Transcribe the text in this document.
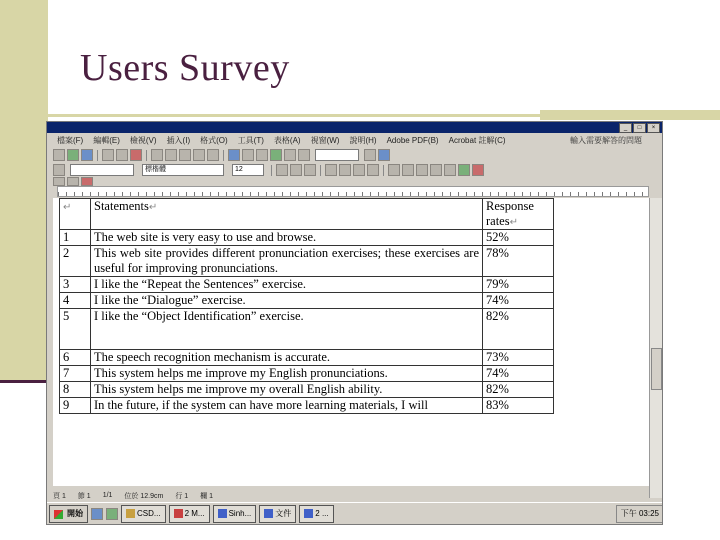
Users Survey
_	□	×
檔案(F) 編輯(E) 檢視(V) 插入(I) 格式(O) 工具(T) 表格(A) 視窗(W) 說明(H) Adobe PDF(B) Acrobat 註解(C)	輸入需要解答的問題
標楷體	12
↵	Statements↵	Response rates↵
1	The web site is very easy to use and browse.	52%
2	This web site provides different pronunciation exercises; these exercises are useful for improving pronunciations.	78%
3	I like the “Repeat the Sentences” exercise.	79%
4	I like the “Dialogue” exercise.	74%
5	I like the “Object Identification” exercise.	82%
6	The speech recognition mechanism is accurate.	73%
7	This system helps me improve my English pronunciations.	74%
8	This system helps me improve my overall English ability.	82%
9	In the future, if the system can have more learning materials, I will	83%
頁 1 節 1 1/1 位於 12.9cm 行 1 欄 1
開始	CSD...	2 M...	Sinh...	文件	2 ...	下午 03:25
